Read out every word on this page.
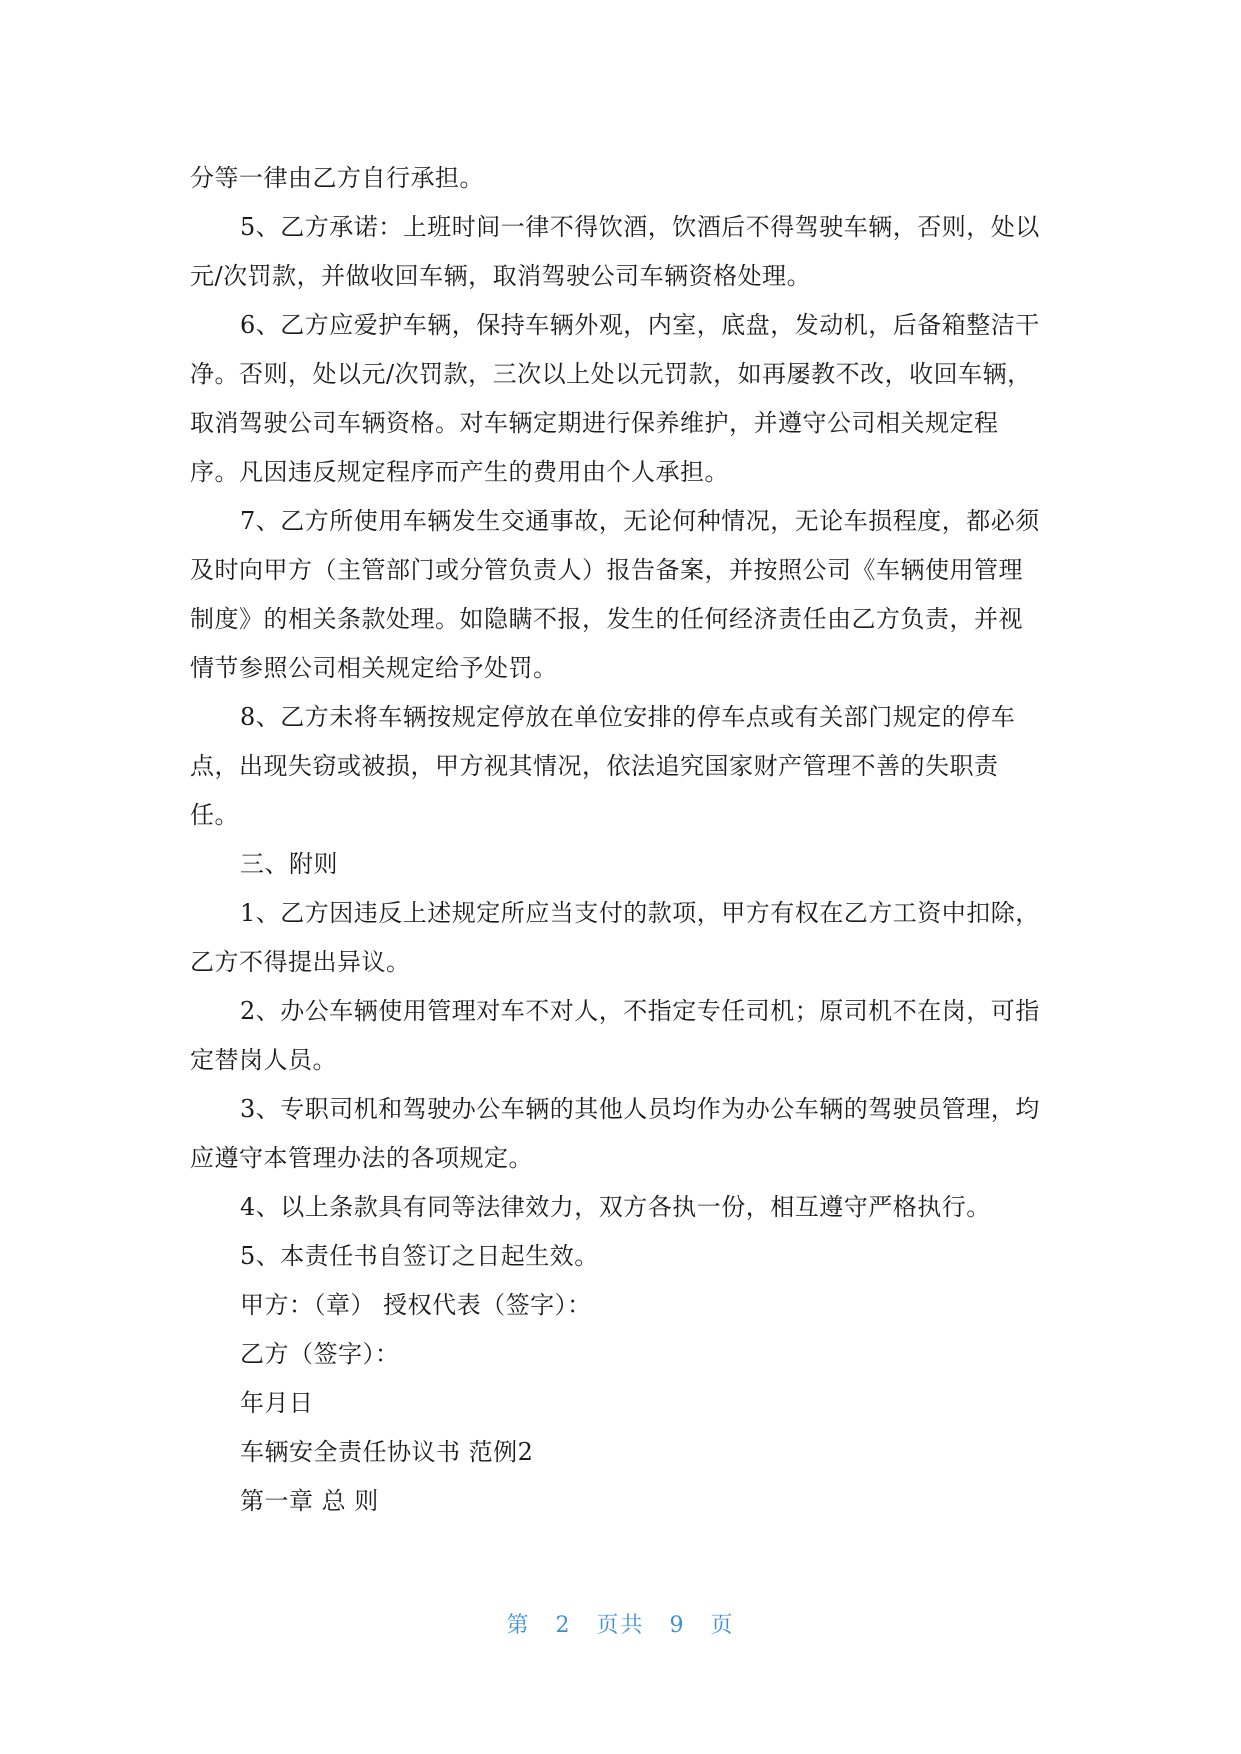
分等一律由乙方自行承担。
5、乙方承诺：上班时间一律不得饮酒，饮酒后不得驾驶车辆，否则，处以
元/次罚款，并做收回车辆，取消驾驶公司车辆资格处理。
6、乙方应爱护车辆，保持车辆外观，内室，底盘，发动机，后备箱整洁干
净。否则，处以元/次罚款，三次以上处以元罚款，如再屡教不改，收回车辆，
取消驾驶公司车辆资格。对车辆定期进行保养维护，并遵守公司相关规定程
序。凡因违反规定程序而产生的费用由个人承担。
7、乙方所使用车辆发生交通事故，无论何种情况，无论车损程度，都必须
及时向甲方（主管部门或分管负责人）报告备案，并按照公司《车辆使用管理
制度》的相关条款处理。如隐瞒不报，发生的任何经济责任由乙方负责，并视
情节参照公司相关规定给予处罚。
8、乙方未将车辆按规定停放在单位安排的停车点或有关部门规定的停车
点，出现失窃或被损，甲方视其情况，依法追究国家财产管理不善的失职责
任。
三、附则
1、乙方因违反上述规定所应当支付的款项，甲方有权在乙方工资中扣除，
乙方不得提出异议。
2、办公车辆使用管理对车不对人，不指定专任司机；原司机不在岗，可指
定替岗人员。
3、专职司机和驾驶办公车辆的其他人员均作为办公车辆的驾驶员管理，均
应遵守本管理办法的各项规定。
4、以上条款具有同等法律效力，双方各执一份，相互遵守严格执行。
5、本责任书自签订之日起生效。
甲方：（章） 授权代表（签字）：
乙方（签字）：
年月日
车辆安全责任协议书 范例2
第一章 总 则
第 2 页共 9 页
